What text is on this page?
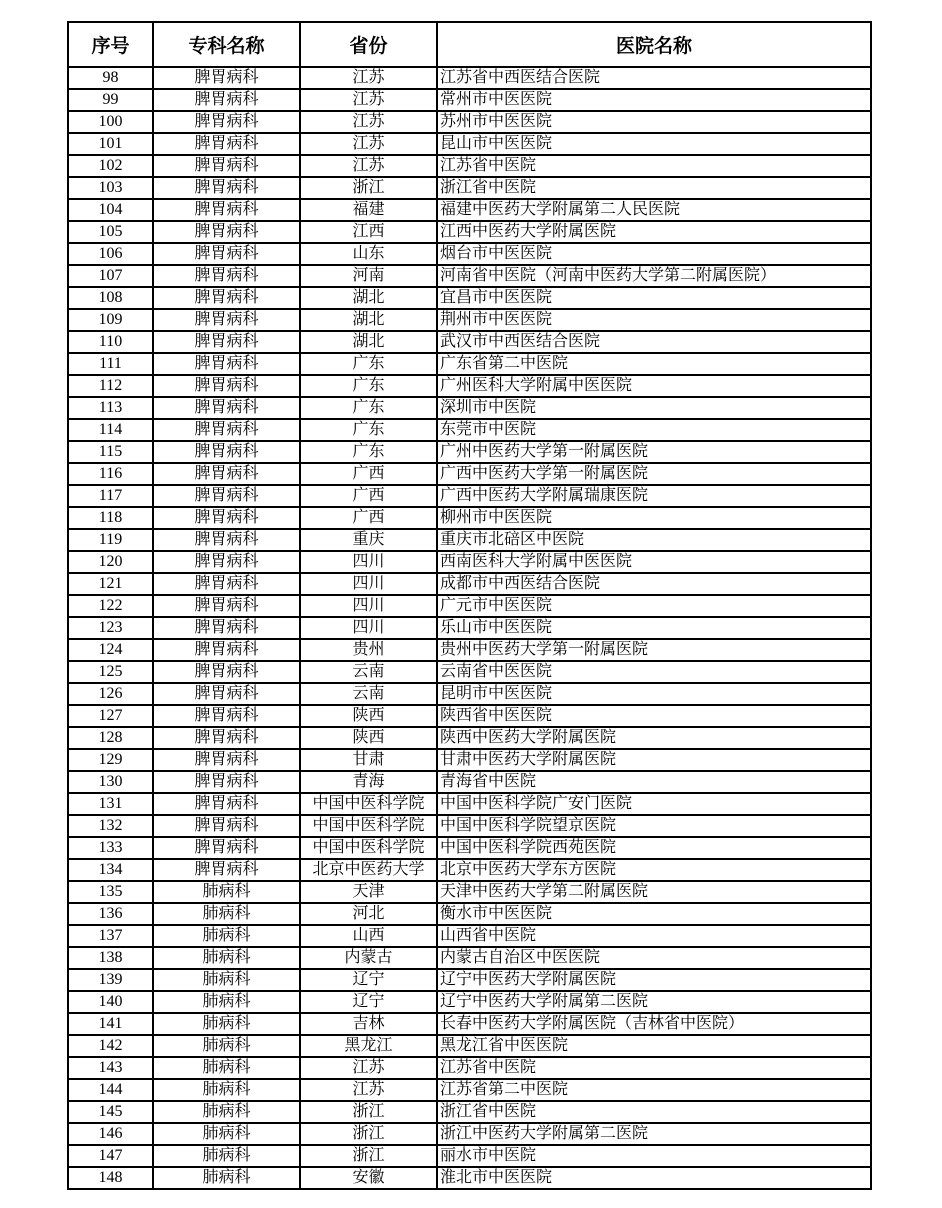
序号	专科名称	省份	医院名称
98	脾胃病科	江苏	江苏省中西医结合医院
99	脾胃病科	江苏	常州市中医医院
100	脾胃病科	江苏	苏州市中医医院
101	脾胃病科	江苏	昆山市中医医院
102	脾胃病科	江苏	江苏省中医院
103	脾胃病科	浙江	浙江省中医院
104	脾胃病科	福建	福建中医药大学附属第二人民医院
105	脾胃病科	江西	江西中医药大学附属医院
106	脾胃病科	山东	烟台市中医医院
107	脾胃病科	河南	河南省中医院（河南中医药大学第二附属医院）
108	脾胃病科	湖北	宜昌市中医医院
109	脾胃病科	湖北	荆州市中医医院
110	脾胃病科	湖北	武汉市中西医结合医院
111	脾胃病科	广东	广东省第二中医院
112	脾胃病科	广东	广州医科大学附属中医医院
113	脾胃病科	广东	深圳市中医院
114	脾胃病科	广东	东莞市中医院
115	脾胃病科	广东	广州中医药大学第一附属医院
116	脾胃病科	广西	广西中医药大学第一附属医院
117	脾胃病科	广西	广西中医药大学附属瑞康医院
118	脾胃病科	广西	柳州市中医医院
119	脾胃病科	重庆	重庆市北碚区中医院
120	脾胃病科	四川	西南医科大学附属中医医院
121	脾胃病科	四川	成都市中西医结合医院
122	脾胃病科	四川	广元市中医医院
123	脾胃病科	四川	乐山市中医医院
124	脾胃病科	贵州	贵州中医药大学第一附属医院
125	脾胃病科	云南	云南省中医医院
126	脾胃病科	云南	昆明市中医医院
127	脾胃病科	陕西	陕西省中医医院
128	脾胃病科	陕西	陕西中医药大学附属医院
129	脾胃病科	甘肃	甘肃中医药大学附属医院
130	脾胃病科	青海	青海省中医院
131	脾胃病科	中国中医科学院	中国中医科学院广安门医院
132	脾胃病科	中国中医科学院	中国中医科学院望京医院
133	脾胃病科	中国中医科学院	中国中医科学院西苑医院
134	脾胃病科	北京中医药大学	北京中医药大学东方医院
135	肺病科	天津	天津中医药大学第二附属医院
136	肺病科	河北	衡水市中医医院
137	肺病科	山西	山西省中医院
138	肺病科	内蒙古	内蒙古自治区中医医院
139	肺病科	辽宁	辽宁中医药大学附属医院
140	肺病科	辽宁	辽宁中医药大学附属第二医院
141	肺病科	吉林	长春中医药大学附属医院（吉林省中医院）
142	肺病科	黑龙江	黑龙江省中医医院
143	肺病科	江苏	江苏省中医院
144	肺病科	江苏	江苏省第二中医院
145	肺病科	浙江	浙江省中医院
146	肺病科	浙江	浙江中医药大学附属第二医院
147	肺病科	浙江	丽水市中医院
148	肺病科	安徽	淮北市中医医院
